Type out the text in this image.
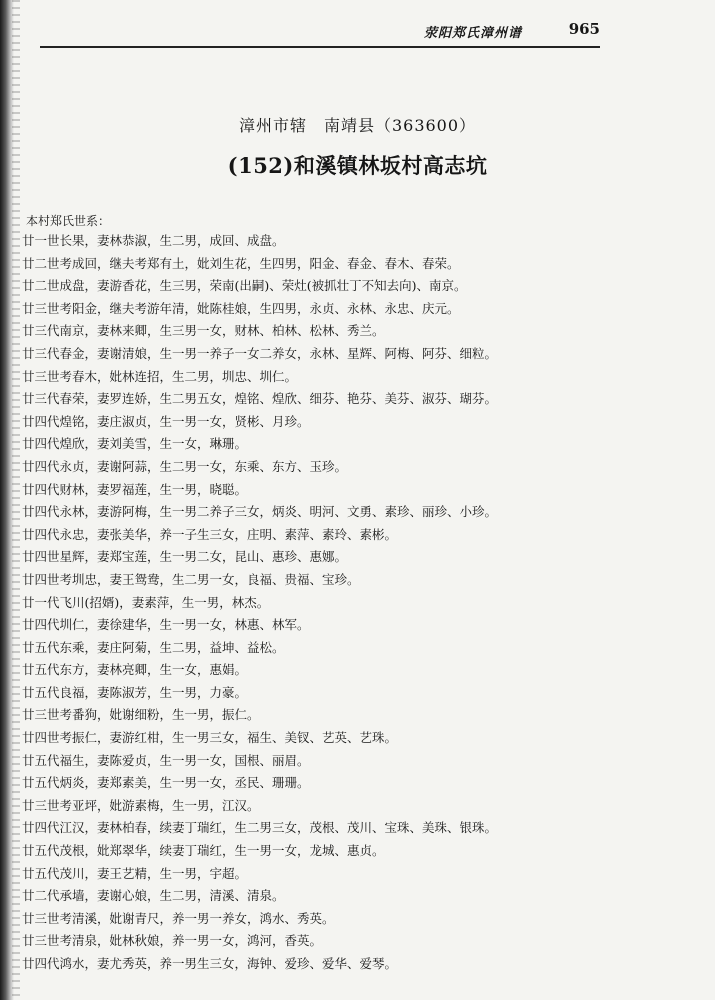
荥阳郑氏漳州谱	965
漳州市辖　南靖县（363600）
(152)和溪镇林坂村高志坑
本村郑氏世系：
廿一世长果，妻林恭淑，生二男，成回、成盘。
廿二世考成回，继夫考郑有土，妣刘生花，生四男，阳金、春金、春木、春荣。
廿二世成盘，妻游香花，生三男，荣南(出嗣)、荣灶(被抓壮丁不知去向)、南京。
廿三世考阳金，继夫考游年清，妣陈桂娘，生四男，永贞、永林、永忠、庆元。
廿三代南京，妻林来卿，生三男一女，财林、柏林、松林、秀兰。
廿三代春金，妻谢清娘，生一男一养子一女二养女，永林、星辉、阿梅、阿芬、细粒。
廿三世考春木，妣林连招，生二男，圳忠、圳仁。
廿三代春荣，妻罗连娇，生二男五女，煌铭、煌欣、细芬、艳芬、美芬、淑芬、瑚芬。
廿四代煌铭，妻庄淑贞，生一男一女，贤彬、月珍。
廿四代煌欣，妻刘美雪，生一女，琳珊。
廿四代永贞，妻谢阿蒜，生二男一女，东乘、东方、玉珍。
廿四代财林，妻罗福莲，生一男，晓聪。
廿四代永林，妻游阿梅，生一男二养子三女，炳炎、明河、文勇、素珍、丽珍、小珍。
廿四代永忠，妻张美华，养一子生三女，庄明、素萍、素玲、素彬。
廿四世星辉，妻郑宝莲，生一男二女，昆山、惠珍、惠娜。
廿四世考圳忠，妻王鸳鸯，生二男一女，良福、贵福、宝珍。
廿一代飞川(招婿)，妻素萍，生一男，林杰。
廿四代圳仁，妻徐建华，生一男一女，林惠、林军。
廿五代东乘，妻庄阿菊，生二男，益坤、益松。
廿五代东方，妻林亮卿，生一女，惠娟。
廿五代良福，妻陈淑芳，生一男，力豪。
廿三世考番狗，妣谢细粉，生一男，振仁。
廿四世考振仁，妻游红柑，生一男三女，福生、美钗、艺英、艺珠。
廿五代福生，妻陈爱贞，生一男一女，国根、丽眉。
廿五代炳炎，妻郑素美，生一男一女，丞民、珊珊。
廿三世考亚坪，妣游素梅，生一男，江汉。
廿四代江汉，妻林柏春，续妻丁瑞红，生二男三女，茂根、茂川、宝珠、美珠、银珠。
廿五代茂根，妣郑翠华，续妻丁瑞红，生一男一女，龙城、惠贞。
廿五代茂川，妻王艺精，生一男，宇超。
廿二代承墙，妻谢心娘，生二男，清溪、清泉。
廿三世考清溪，妣谢青尺，养一男一养女，鸿水、秀英。
廿三世考清泉，妣林秋娘，养一男一女，鸿河，香英。
廿四代鸿水，妻尤秀英，养一男生三女，海钟、爱珍、爱华、爱琴。
